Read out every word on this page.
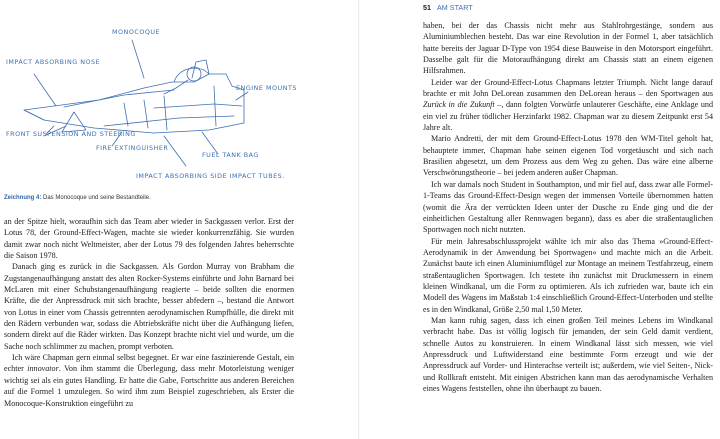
MONOCOQUE
IMPACT ABSORBING NOSE
ENGINE MOUNTS
FRONT SUSPENSION AND STEERING
FIRE EXTINGUISHER
FUEL TANK BAG
IMPACT ABSORBING SIDE IMPACT TUBES.
Zeichnung 4: Das Monocoque und seine Bestandteile.

an der Spitze hielt, woraufhin sich das Team aber wieder in Sackgassen verlor. Erst der Lotus 78, der Ground-Effect-Wagen, machte sie wieder konkurrenzfähig. Sie wurden damit zwar noch nicht Weltmeister, aber der Lotus 79 des folgenden Jahres beherrschte die Saison 1978.

Danach ging es zurück in die Sackgassen. Als Gordon Murray von Brabham die Zugstangenaufhängung anstatt des alten Rocker-Systems einführte und John Barnard bei McLaren mit einer Schubstangenaufhängung reagierte – beide sollten die enormen Kräfte, die der Anpressdruck mit sich brachte, besser abfedern –, bestand die Antwort von Lotus in einer vom Chassis getrennten aerodynamischen Rumpfhülle, die direkt mit den Rädern verbunden war, sodass die Abtriebskräfte nicht über die Aufhängung liefen, sondern direkt auf die Räder wirkten. Das Konzept brachte nicht viel und wurde, um die Sache noch schlimmer zu machen, prompt verboten.

Ich wäre Chapman gern einmal selbst begegnet. Er war eine faszinierende Gestalt, ein echter innovator. Von ihm stammt die Überlegung, dass mehr Motorleistung weniger wichtig sei als ein gutes Handling. Er hatte die Gabe, Fortschritte aus anderen Bereichen auf die Formel 1 umzulegen. So wird ihm zum Beispiel zugeschrieben, als Erster die Monocoque-Konstruktion eingeführt zu

51 AM START

haben, bei der das Chassis nicht mehr aus Stahlrohrgestänge, sondern aus Aluminiumblechen besteht. Das war eine Revolution in der Formel 1, aber tatsächlich hatte bereits der Jaguar D-Type von 1954 diese Bauweise in den Motorsport eingeführt. Dasselbe galt für die Motoraufhängung direkt am Chassis statt an einem eigenen Hilfsrahmen.

Leider war der Ground-Effect-Lotus Chapmans letzter Triumph. Nicht lange darauf brachte er mit John DeLorean zusammen den DeLorean heraus – den Sportwagen aus Zurück in die Zukunft –, dann folgten Vorwürfe unlauterer Geschäfte, eine Anklage und ein viel zu früher tödlicher Herzinfarkt 1982. Chapman war zu diesem Zeitpunkt erst 54 Jahre alt.

Mario Andretti, der mit dem Ground-Effect-Lotus 1978 den WM-Titel geholt hat, behauptete immer, Chapman habe seinen eigenen Tod vorgetäuscht und sich nach Brasilien abgesetzt, um dem Prozess aus dem Weg zu gehen. Das wäre eine alberne Verschwörungstheorie – bei jedem anderen außer Chapman.

Ich war damals noch Student in Southampton, und mir fiel auf, dass zwar alle Formel-1-Teams das Ground-Effect-Design wegen der immensen Vorteile übernommen hatten (womit die Ära der verrückten Ideen unter der Dusche zu Ende ging und die der einheitlichen Gestaltung aller Rennwagen begann), dass es aber die straßentauglichen Sportwagen noch nicht nutzten.

Für mein Jahresabschlussprojekt wählte ich mir also das Thema »Ground-Effect-Aerodynamik in der Anwendung bei Sportwagen« und machte mich an die Arbeit. Zunächst baute ich einen Aluminiumflügel zur Montage an meinem Testfahrzeug, einem straßentauglichen Sportwagen. Ich testete ihn zunächst mit Druckmessern in einem kleinen Windkanal, um die Form zu optimieren. Als ich zufrieden war, baute ich ein Modell des Wagens im Maßstab 1:4 einschließlich Ground-Effect-Unterboden und stellte es in den Windkanal, Größe 2,50 mal 1,50 Meter.

Man kann ruhig sagen, dass ich einen großen Teil meines Lebens im Windkanal verbracht habe. Das ist völlig logisch für jemanden, der sein Geld damit verdient, schnelle Autos zu konstruieren. In einem Windkanal lässt sich messen, wie viel Anpressdruck und Luftwiderstand eine bestimmte Form erzeugt und wie der Anpressdruck auf Vorder- und Hinterachse verteilt ist; außerdem, wie viel Seiten-, Nick- und Rollkraft entsteht. Mit einigen Abstrichen kann man das aerodynamische Verhalten eines Wagens feststellen, ohne ihn überhaupt zu bauen.
